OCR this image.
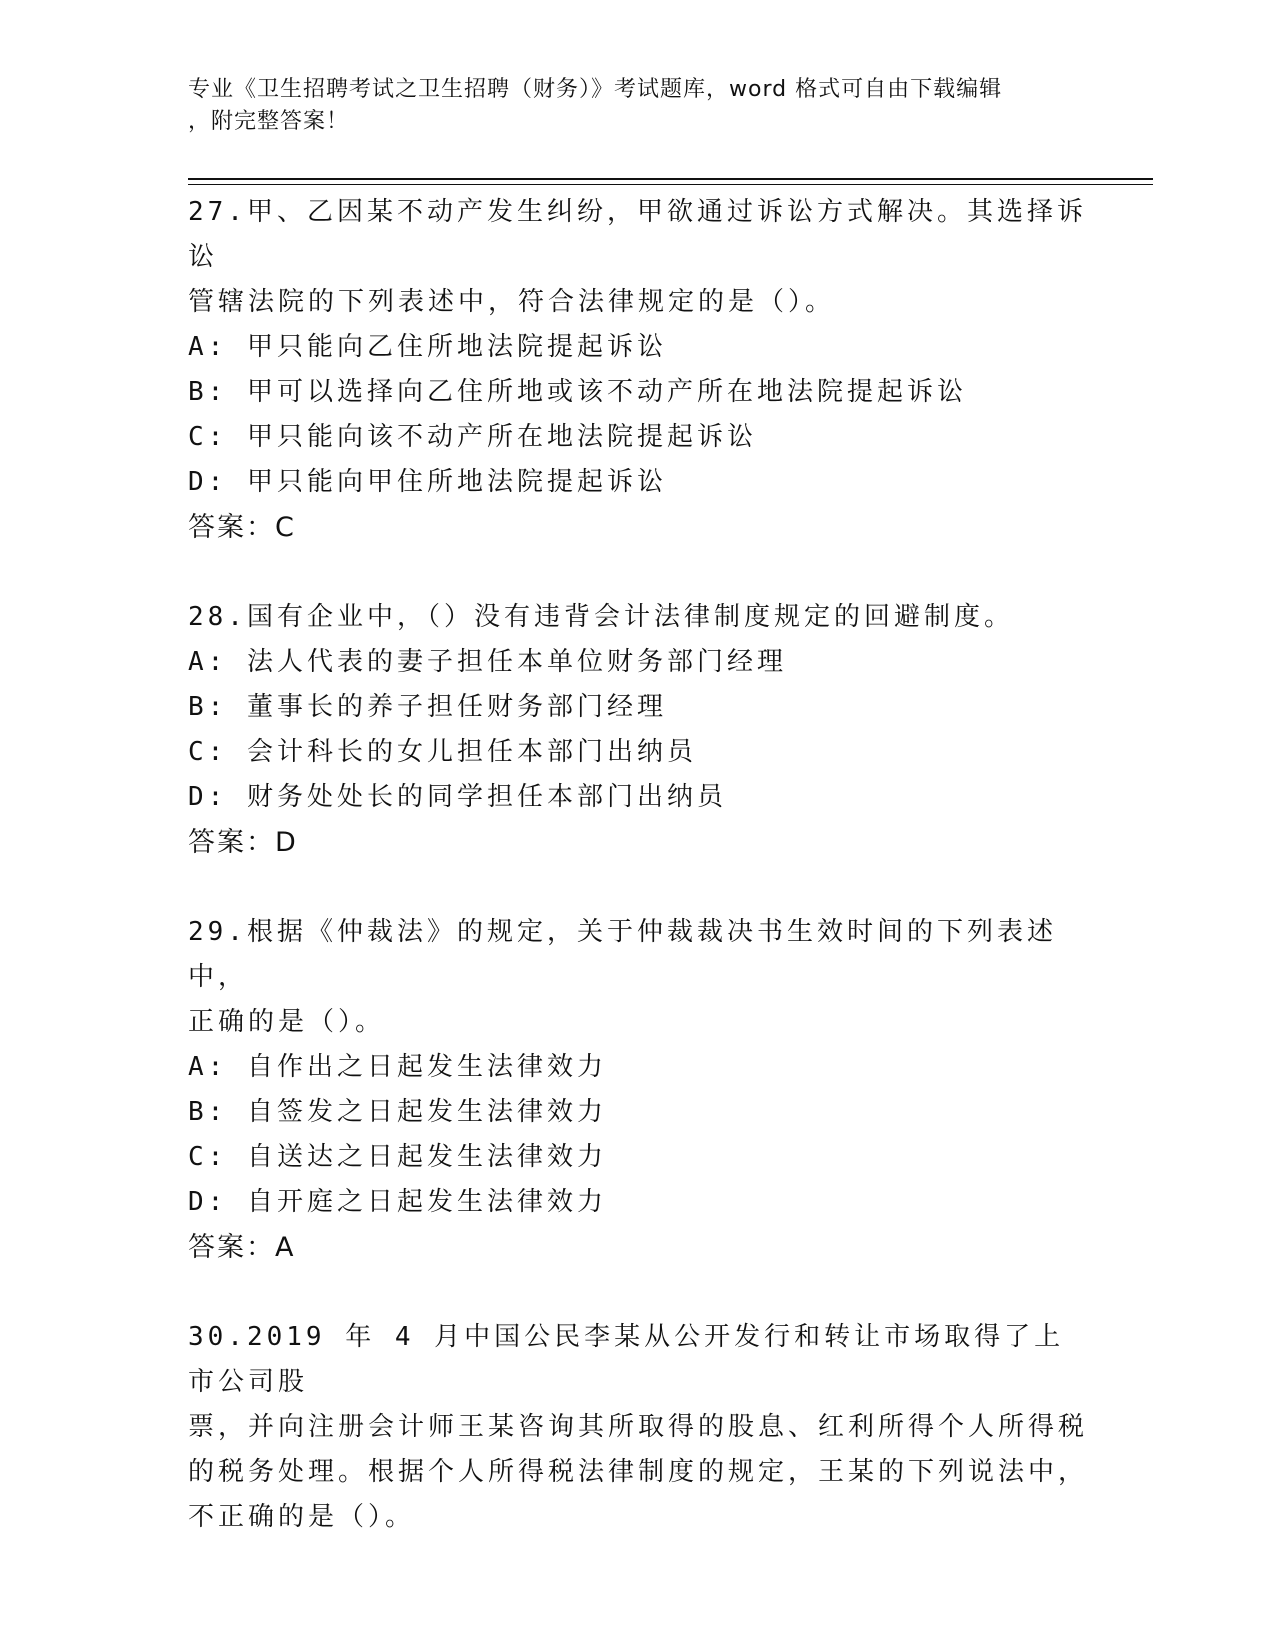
专业《卫生招聘考试之卫生招聘（财务）》考试题库，word 格式可自由下载编辑
，附完整答案！
27.甲、乙因某不动产发生纠纷，甲欲通过诉讼方式解决。其选择诉讼
管辖法院的下列表述中，符合法律规定的是（）。
A: 甲只能向乙住所地法院提起诉讼
B: 甲可以选择向乙住所地或该不动产所在地法院提起诉讼
C: 甲只能向该不动产所在地法院提起诉讼
D: 甲只能向甲住所地法院提起诉讼
答案：C
28.国有企业中，（）没有违背会计法律制度规定的回避制度。
A: 法人代表的妻子担任本单位财务部门经理
B: 董事长的养子担任财务部门经理
C: 会计科长的女儿担任本部门出纳员
D: 财务处处长的同学担任本部门出纳员
答案：D
29.根据《仲裁法》的规定，关于仲裁裁决书生效时间的下列表述中，
正确的是（）。
A: 自作出之日起发生法律效力
B: 自签发之日起发生法律效力
C: 自送达之日起发生法律效力
D: 自开庭之日起发生法律效力
答案：A
30.2019 年 4 月中国公民李某从公开发行和转让市场取得了上市公司股
票，并向注册会计师王某咨询其所取得的股息、红利所得个人所得税
的税务处理。根据个人所得税法律制度的规定，王某的下列说法中，
不正确的是（）。
